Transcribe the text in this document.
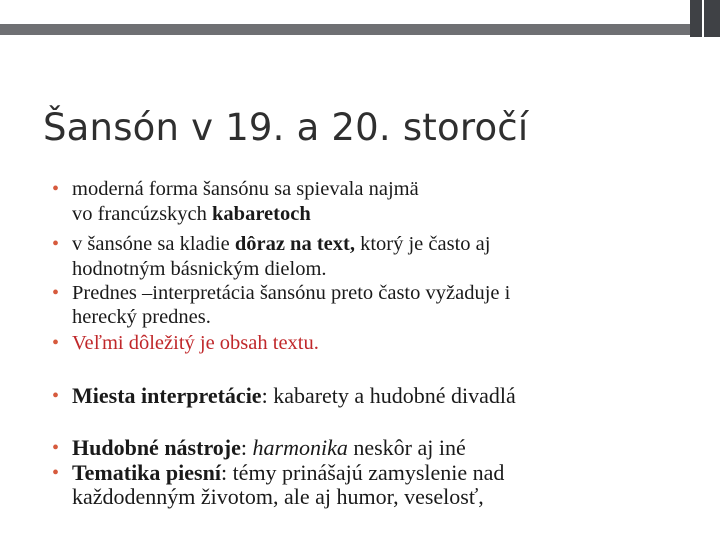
Šansón v 19. a 20. storočí
• moderná forma šansónu sa spievala najmä
vo francúzskych kabaretoch
• v šansóne sa kladie dôraz na text, ktorý je často aj
hodnotným básnickým dielom.
• Prednes –interpretácia šansónu preto často vyžaduje i
herecký prednes.
• Veľmi dôležitý je obsah textu.
• Miesta interpretácie: kabarety a hudobné divadlá
• Hudobné nástroje: harmonika neskôr aj iné
• Tematika piesní: témy prinášajú zamyslenie nad
každodenným životom, ale aj humor, veselosť,
